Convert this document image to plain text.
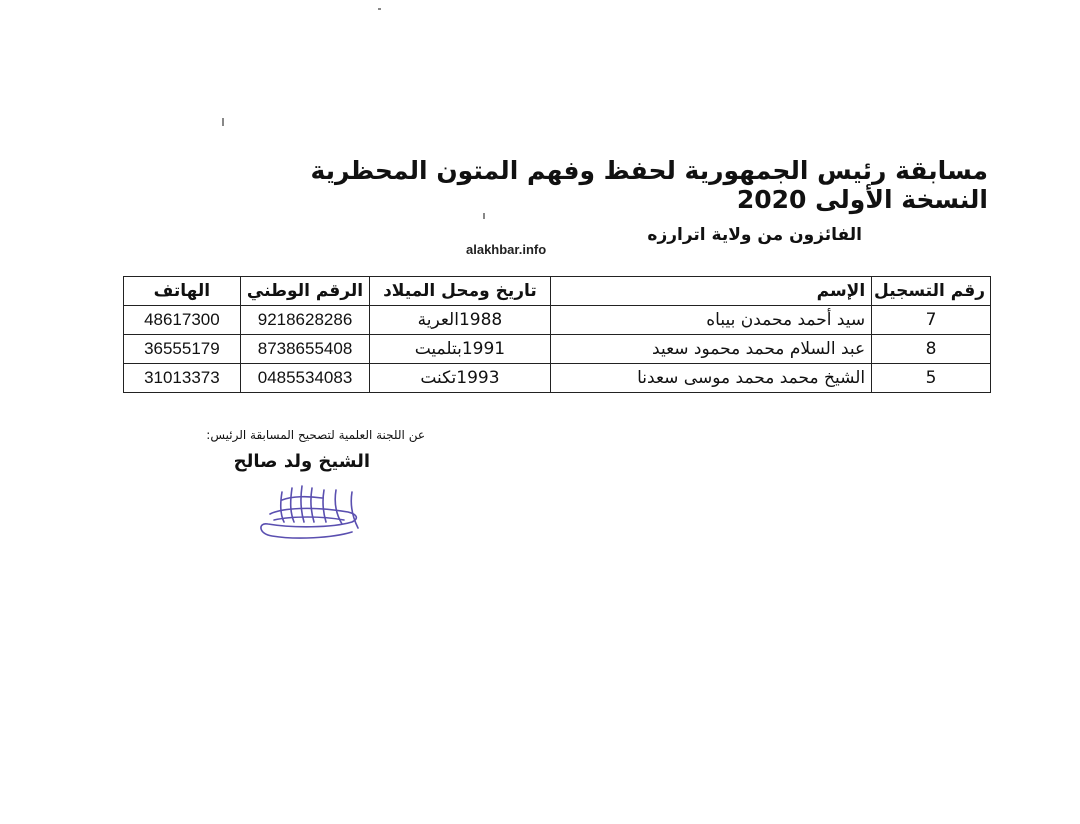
مسابقة رئيس الجمهورية لحفظ وفهم المتون المحظرية النسخة الأولى 2020
الفائزون من ولاية اترارزه
alakhbar.info
رقم التسجيل	الإسم	تاريخ ومحل الميلاد	الرقم الوطني	الهاتف
7	سيد أحمد محمدن بيباه	1988العرية	9218628286	48617300
8	عبد السلام محمد محمود سعيد	1991بتلميت	8738655408	36555179
5	الشيخ محمد محمد موسى سعدنا	1993تكنت	0485534083	31013373
عن اللجنة العلمية لتصحيح المسابقة الرئيس:
الشيخ ولد صالح
